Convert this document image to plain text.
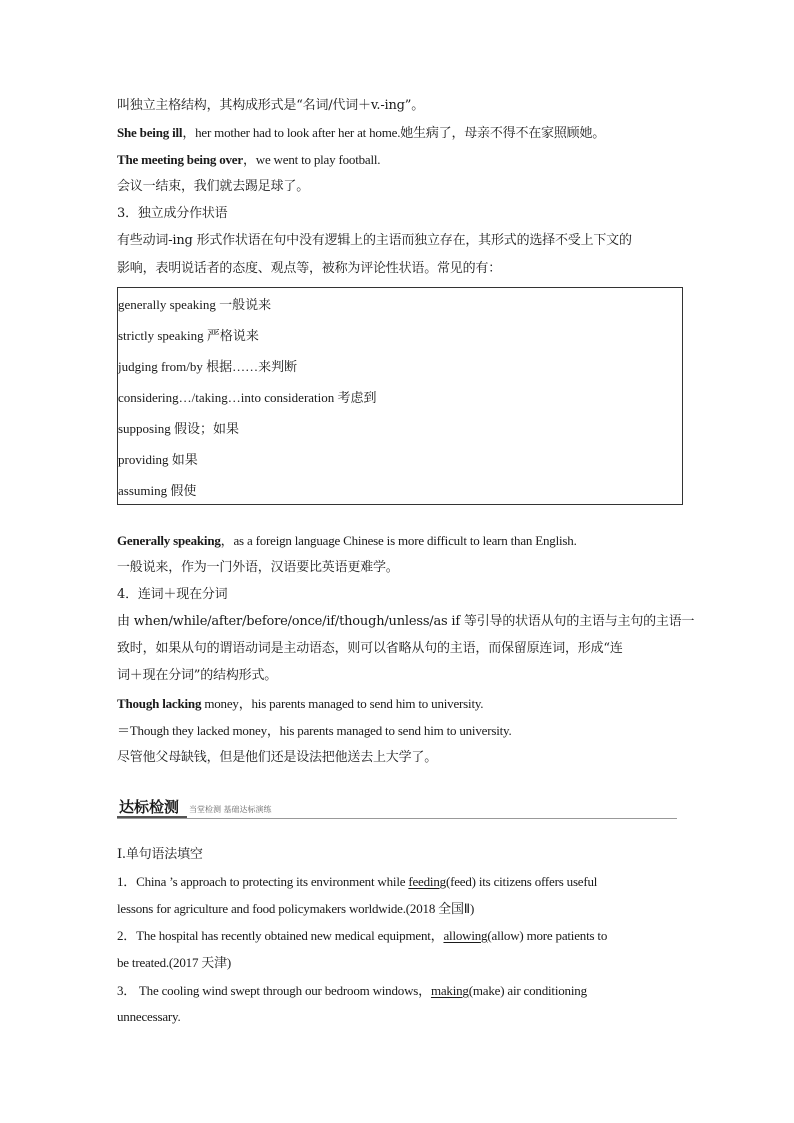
叫独立主格结构，其构成形式是“名词/代词＋v.-ing”。
She being ill，her mother had to look after her at home.她生病了，母亲不得不在家照顾她。
The meeting being over，we went to play football.
会议一结束，我们就去踢足球了。
3．独立成分作状语
有些动词-ing 形式作状语在句中没有逻辑上的主语而独立存在，其形式的选择不受上下文的
影响，表明说话者的态度、观点等，被称为评论性状语。常见的有：
generally speaking 一般说来
strictly speaking 严格说来
judging from/by 根据……来判断
considering…/taking…into consideration 考虑到
supposing 假设；如果
providing 如果
assuming 假使
Generally speaking，as a foreign language Chinese is more difficult to learn than English.
一般说来，作为一门外语，汉语要比英语更难学。
4．连词＋现在分词
由 when/while/after/before/once/if/though/unless/as if 等引导的状语从句的主语与主句的主语一
致时，如果从句的谓语动词是主动语态，则可以省略从句的主语，而保留原连词，形成“连
词＋现在分词”的结构形式。
Though lacking money，his parents managed to send him to university.
＝Though they lacked money，his parents managed to send him to university.
尽管他父母缺钱，但是他们还是设法把他送去上大学了。
达标检测 当堂检测 基础达标演练
Ⅰ.单句语法填空
1．China ’s approach to protecting its environment while feeding(feed) its citizens offers useful
lessons for agriculture and food policymakers worldwide.(2018 全国Ⅱ)
2．The hospital has recently obtained new medical equipment，allowing(allow) more patients to
be treated.(2017 天津)
3． The cooling wind swept through our bedroom windows，making(make) air conditioning
unnecessary.
